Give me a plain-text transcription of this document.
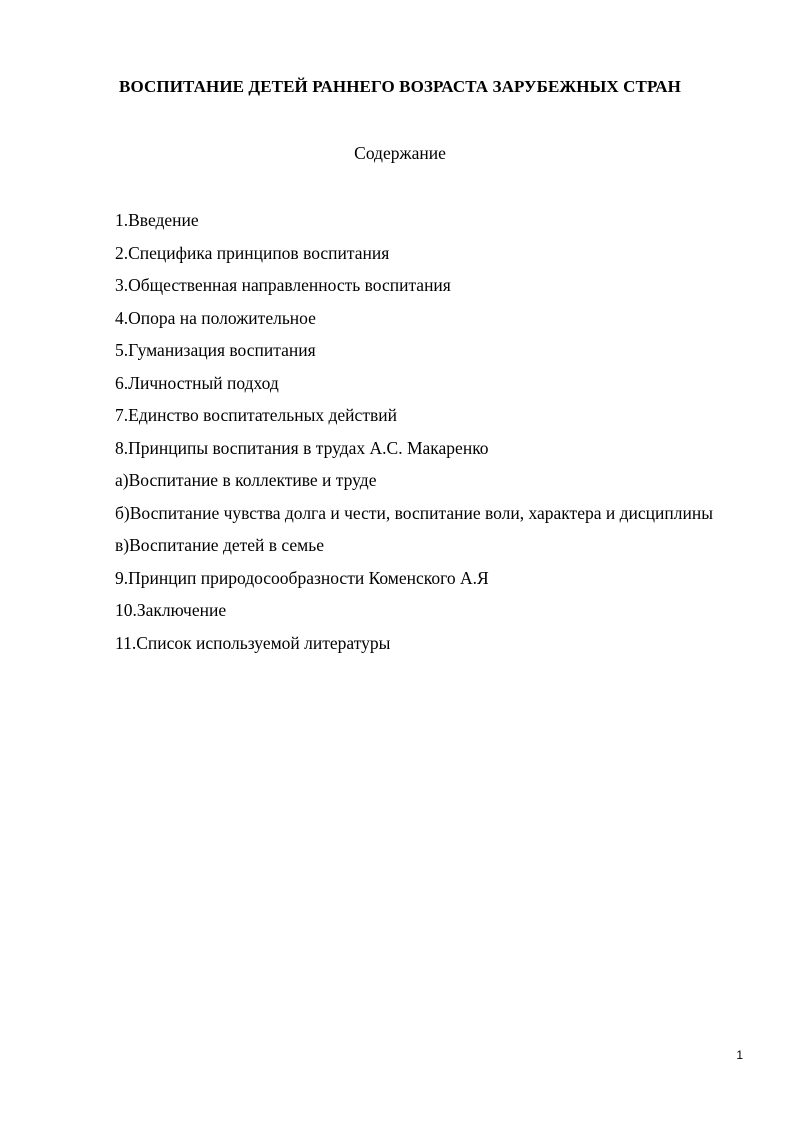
ВОСПИТАНИЕ ДЕТЕЙ РАННЕГО ВОЗРАСТА ЗАРУБЕЖНЫХ СТРАН
Содержание
1.Введение
2.Специфика принципов воспитания
3.Общественная направленность воспитания
4.Опора на положительное
5.Гуманизация воспитания
6.Личностный подход
7.Единство воспитательных действий
8.Принципы воспитания в трудах А.С. Макаренко
а)Воспитание в коллективе и труде
б)Воспитание чувства долга и чести, воспитание воли, характера и дисциплины
в)Воспитание детей в семье
9.Принцип природосообразности Коменского А.Я
10.Заключение
11.Список используемой литературы
1
